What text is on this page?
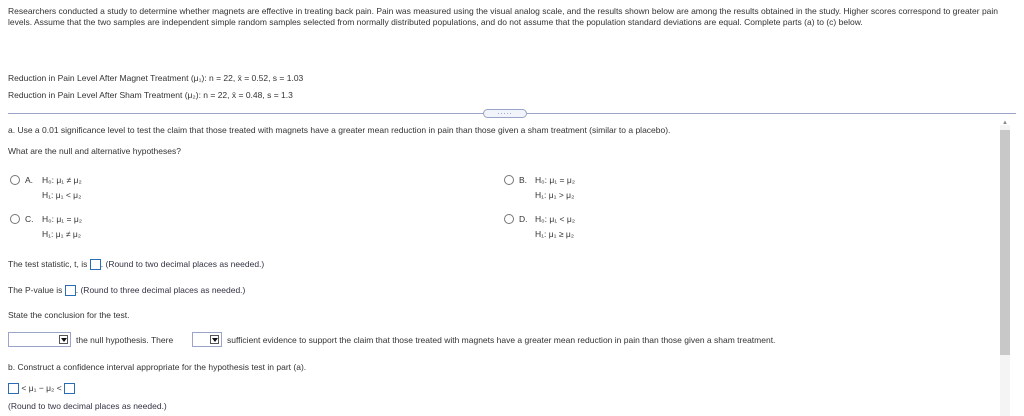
Researchers conducted a study to determine whether magnets are effective in treating back pain. Pain was measured using the visual analog scale, and the results shown below are among the results obtained in the study. Higher scores correspond to greater pain levels. Assume that the two samples are independent simple random samples selected from normally distributed populations, and do not assume that the population standard deviations are equal. Complete parts (a) to (c) below.
Reduction in Pain Level After Magnet Treatment (μ₁): n = 22, x̄ = 0.52, s = 1.03
Reduction in Pain Level After Sham Treatment (μ₂): n = 22, x̄ = 0.48, s = 1.3
.....
▲
a. Use a 0.01 significance level to test the claim that those treated with magnets have a greater mean reduction in pain than those given a sham treatment (similar to a placebo).
What are the null and alternative hypotheses?
A. H₀: μ₁ ≠ μ₂
H₁: μ₁ < μ₂
B. H₀: μ₁ = μ₂
H₁: μ₁ > μ₂
C. H₀: μ₁ = μ₂
H₁: μ₁ ≠ μ₂
D. H₀: μ₁ < μ₂
H₁: μ₁ ≥ μ₂
The test statistic, t, is . (Round to two decimal places as needed.)
The P-value is . (Round to three decimal places as needed.)
State the conclusion for the test.
the null hypothesis. There	sufficient evidence to support the claim that those treated with magnets have a greater mean reduction in pain than those given a sham treatment.
b. Construct a confidence interval appropriate for the hypothesis test in part (a).
< μ₁ − μ₂ <
(Round to two decimal places as needed.)
